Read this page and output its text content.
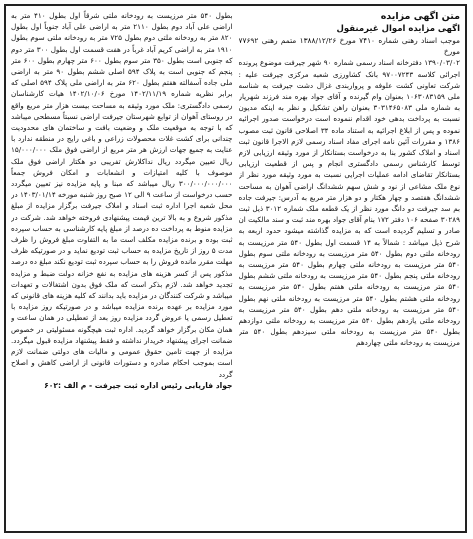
متن اگهی مزایده

اگهی مزایده اموال غیرمنقول

موجب اسناد رهنی شماره ۷۴۱۰ مورخ ۱۳۸۸/۱۲/۲۶ متمم رهنی ۷۷۶۹۲ مورخ

۱۳۹۰/۰۳/۰۲ دفترخانه اسناد رسمی شماره ۹۰ شهر جیرفت موضوع پرونده اجرائی کلاسه ۹۷۰۰۷۲۴۳ بانک کشاورزی شعبه مرکزی جیرفت علیه : شرکت تعاونی کشت علوفه و پرواربندی غزال دشت جیرفت به شناسه ملی ۱۰۶۳۰۸۳۱۵۹ بعنوان وام گیرنده و آقای جواد بهره مند فرزند شهریار به شماره ملی ۳۰۳۱۴۶۵۰۸۳ بعنوان راهن تشکیل و نظر به اینکه مدیون نسبت به پرداخت بدهی خود اقدام ننموده است درخواست صدور اجرائیه نموده و پس از ابلاغ اجرائیه به استناد ماده ۳۴ اصلاحی قانون ثبت مصوب ۱۳۸۶ و مقررات آئین نامه اجرای مفاد اسناد رسمی لازم الاجرا قانون ثبت اسناد و املاک کشور بنا به درخواست بستانکار از مورد وثیقه ارزیابی لازم توسط کارشناس رسمی دادگستری انجام و پس از قطعیت ارزیابی بستانکار تقاضای ادامه عملیات اجرایی نسبت به مورد وثیقه مورد نظر از نوع ملک مشاعی از نود و شش سهم ششدانگ اراضی آهوان به مساحت ششدانگ هفتصد و چهار هکتار و دو هزار متر مربع به آدرس: جیرفت جاده بم سد جیرفت دو دانگ مورد نظر از یک قطعه ملک شماره ۳۰۱۲ ذیل ثبت ۳۰۲۸۹ صفحه ۱۰۶ دفتر ۱۷۲ بنام آقای جواد بهره مند ثبت و سند مالکیت ان صادر و تسلیم گردیده است که به مزایده گذاشته میشود حدود اربعه به شرح ذیل میباشد : شمالاً به ۱۴ قسمت اول بطول ۵۴۰ متر مرزیست به رودخانه ملتی دوم بطول ۵۴۰ متر مرزیست به رودخانه ملتی سوم بطول ۵۴۰ متر مرزیست به رودخانه ملتی چهارم بطول ۵۴۰ متر مرزیست به رودخانه ملتی پنجم بطول ۵۴۰ متر مرزیست به رودخانه ملتی ششم بطول ۵۴۰ متر مرزیست به رودخانه ملتی هفتم بطول ۵۴۰ متر مرزیست به رودخانه ملتی هشتم بطول ۵۴۰ متر مرزیست به رودخانه ملتی نهم بطول ۵۴۰ متر مرزیست به رودخانه ملتی دهم بطول ۵۴۰ متر مرزیست به رودخانه ملتی یازدهم بطول ۵۴۰ متر مرزیست به رودخانه ملتی دوازدهم بطول ۵۴۰ متر مرزیست به رودخانه ملتی سیزدهم بطول ۵۴۰ متر مرزیست به رودخانه ملتی چهاردهم

بطول ۵۴۰ متر مرزیست به رودخانه ملتی شرقاً اول بطول ۴۱۰ متر به اراضی علی آباد دوم بطول ۲۱۱۰ متر به اراضی علی آباد جنوباً اول بطول ۸۲۰ متر به رودخانه ملتی دوم بطول ۷۲۵ متر به رودخانه ملتی سوم بطول ۱۹۱۰ متر به اراضی کریم آباد غرباً در هفت قسمت اول بطول ۳۰۰ متر دوم که جنوبی است بطول ۳۵۰ متر سوم بطول ۶۰۰ متر چهارم بطول ۶۰۰ متر پنجم که جنوبی است به پلاک ۵۹۴ اصلی ششم بطول ۹۰ متر به اراضی ملی جاده آسفالته هفتم بطول ۶۲۰ متر به اراضی ملی پلاک ۵۹۴ اصلی که برابر نظریه شماره ۱۴۰۲/۱۱/۱۹ مورخ ۱۴۰۲/۱۰/۰۶ هیات کارشناسان رسمی دادگستری: ملک مورد وثیقه به مساحت بیست هزار متر مربع واقع در روستای آهوان از توابع شهرستان جیرفت اراضی نسبتاً مسطحی میباشد که با توجه به موقعیت ملک و وضعیت بافت و ساختمان های محدودیت چندانی برای کشت غلات محصولات زراعی و باغی رایج در منطقه ندارد با عنایت به جمیع جهات ارزش هر متر مربع از اراضی فوق ملک ۱۵/۰۰۰/۰۰۰ ریال تعیین میگردد ریال نداکلارش تفریبی دو هکتار اراضی فوق ملک موصوف با کلیه امتیازات و انشعابات و امکان فروش جمعاً ۳۰۰/۰۰۰/۰۰۰/۰۰۰ ریال میباشد که مبنا و پایه مزایده نیز تعیین میگردد حسب درخواست از ساعت ۹ الی ۱۲ صبح روز شنبه مورخه ۱۴۰۳/۰۱/۱۴ در محل شعبه اجرا اداره ثبت اسناد و املاک جیرفت برگزار مزایده از مبلغ مذکور شروع و به بالا ترین قیمت پیشنهادی فروخته خواهد شد. شرکت در مزایده منوط به پرداخت ده درصد از مبلغ پایه کارشناسی به حساب سپرده ثبت بوده و برنده مزایده مکلف است ما به التفاوت مبلغ فروش را ظرف مدت ۵ روز از تاریخ مزایده به حساب ثبت تودیع نماید و در صورتیکه ظرف مهلت مقرر مانده فروش را به حساب سپرده ثبت تودیع نکند مبلغ ده درصد مذکور پس از کسر هزینه های مزایده به نفع خزانه دولت ضبط و مزایده تجدید خواهد شد. لازم بذکر است که ملک فوق بدون اشتغالات و تعهدات میباشد و شرکت کنندگان در مزایده باید بدانند که کلیه هزینه های قانونی که مورد مزایده بر عهده برنده مزایده میباشد و در صورتیکه روز مزایده با تعطیل رسمی یا عروض گردد مزایده روز بعد از تعطیلی در همان ساعت و همان مکان برگزار خواهد گردید. اداره ثبت هیچگونه مسئولیتی در خصوص ضمانت اجرای پیشنهاد خریدار نداشته و فقط پیشنهاد مزایده قبول میگردد. مزایده از جهت تامین حقوق عمومی و مالیات های دولتی ضمانت لازم است بموجب احکام صادره و دستورات قانونی از اراضی کاهش و اصلاح گردد

جواد فاریابی رئیس اداره ثبت جیرفت - م الف :۶۰۲
